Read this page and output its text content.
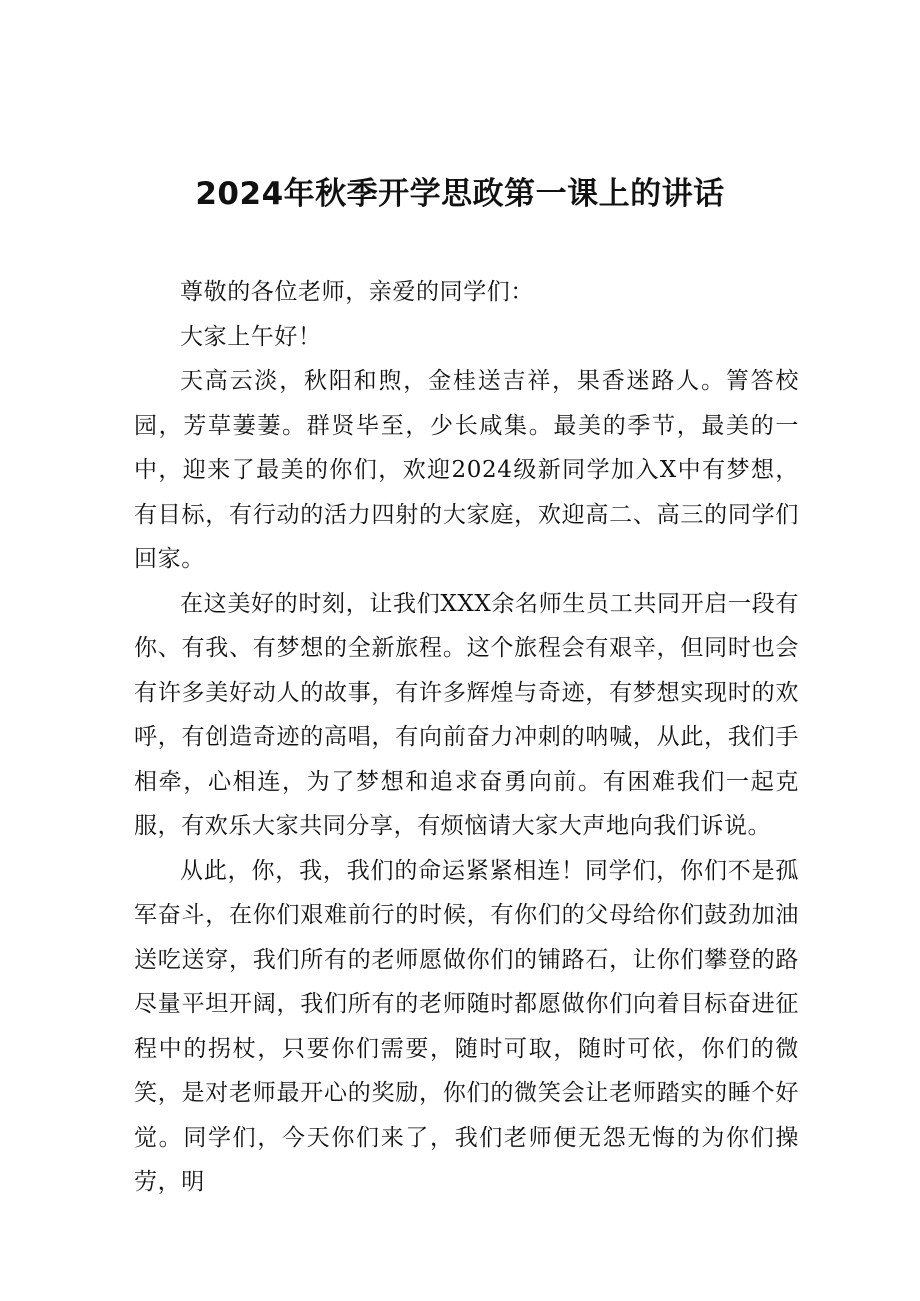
2024年秋季开学思政第一课上的讲话

尊敬的各位老师，亲爱的同学们：

大家上午好！

天高云淡，秋阳和煦，金桂送吉祥，果香迷路人。箐答校园，芳草萋萋。群贤毕至，少长咸集。最美的季节，最美的一中，迎来了最美的你们，欢迎2024级新同学加入X中有梦想，有目标，有行动的活力四射的大家庭，欢迎高二、高三的同学们回家。

在这美好的时刻，让我们XXX余名师生员工共同开启一段有你、有我、有梦想的全新旅程。这个旅程会有艰辛，但同时也会有许多美好动人的故事，有许多辉煌与奇迹，有梦想实现时的欢呼，有创造奇迹的高唱，有向前奋力冲刺的呐喊，从此，我们手相牵，心相连，为了梦想和追求奋勇向前。有困难我们一起克服，有欢乐大家共同分享，有烦恼请大家大声地向我们诉说。

从此，你，我，我们的命运紧紧相连！同学们，你们不是孤军奋斗，在你们艰难前行的时候，有你们的父母给你们鼓劲加油送吃送穿，我们所有的老师愿做你们的铺路石，让你们攀登的路尽量平坦开阔，我们所有的老师随时都愿做你们向着目标奋进征程中的拐杖，只要你们需要，随时可取，随时可依，你们的微笑，是对老师最开心的奖励，你们的微笑会让老师踏实的睡个好觉。同学们，今天你们来了，我们老师便无怨无悔的为你们操劳，明
